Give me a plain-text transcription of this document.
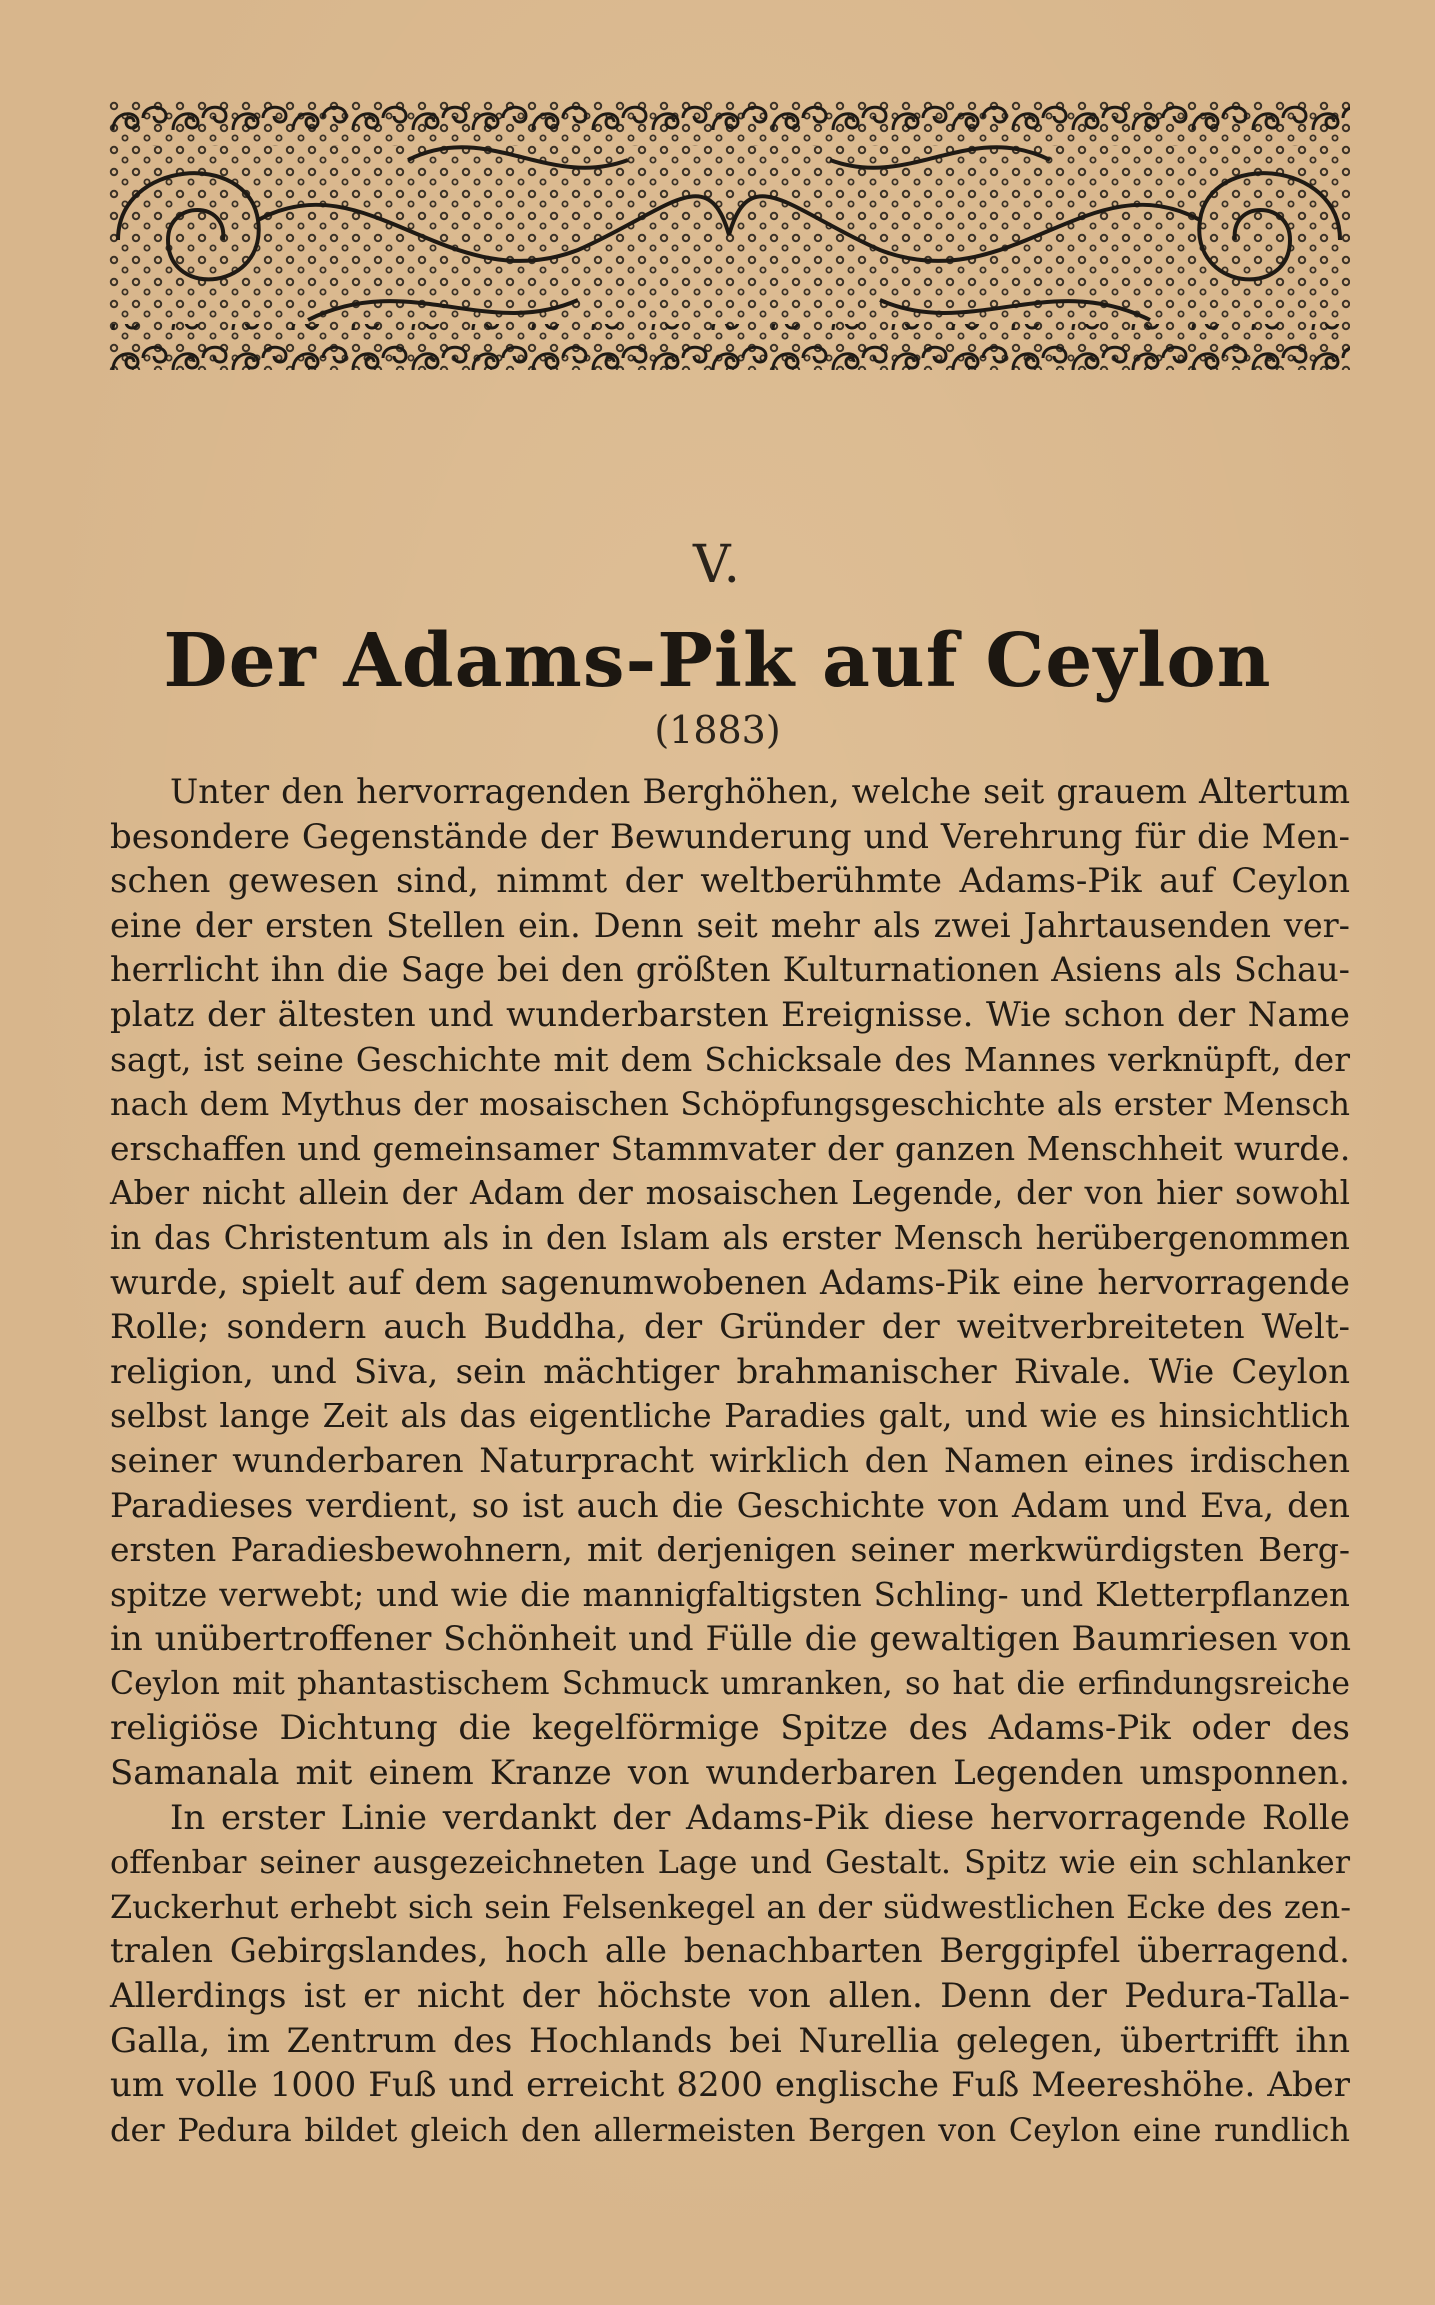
V.
Der Adams-Pik auf Ceylon
(1883)
Unter den hervorragenden Berghöhen, welche seit grauem Altertum
besondere Gegenstände der Bewunderung und Verehrung für die Men-
schen gewesen sind, nimmt der weltberühmte Adams-Pik auf Ceylon
eine der ersten Stellen ein. Denn seit mehr als zwei Jahrtausenden ver-
herrlicht ihn die Sage bei den größten Kulturnationen Asiens als Schau-
platz der ältesten und wunderbarsten Ereignisse. Wie schon der Name
sagt, ist seine Geschichte mit dem Schicksale des Mannes verknüpft, der
nach dem Mythus der mosaischen Schöpfungsgeschichte als erster Mensch
erschaffen und gemeinsamer Stammvater der ganzen Menschheit wurde.
Aber nicht allein der Adam der mosaischen Legende, der von hier sowohl
in das Christentum als in den Islam als erster Mensch herübergenommen
wurde, spielt auf dem sagenumwobenen Adams-Pik eine hervorragende
Rolle; sondern auch Buddha, der Gründer der weitverbreiteten Welt-
religion, und Siva, sein mächtiger brahmanischer Rivale. Wie Ceylon
selbst lange Zeit als das eigentliche Paradies galt, und wie es hinsichtlich
seiner wunderbaren Naturpracht wirklich den Namen eines irdischen
Paradieses verdient, so ist auch die Geschichte von Adam und Eva, den
ersten Paradiesbewohnern, mit derjenigen seiner merkwürdigsten Berg-
spitze verwebt; und wie die mannigfaltigsten Schling- und Kletterpflanzen
in unübertroffener Schönheit und Fülle die gewaltigen Baumriesen von
Ceylon mit phantastischem Schmuck umranken, so hat die erfindungsreiche
religiöse Dichtung die kegelförmige Spitze des Adams-Pik oder des
Samanala mit einem Kranze von wunderbaren Legenden umsponnen.
In erster Linie verdankt der Adams-Pik diese hervorragende Rolle
offenbar seiner ausgezeichneten Lage und Gestalt. Spitz wie ein schlanker
Zuckerhut erhebt sich sein Felsenkegel an der südwestlichen Ecke des zen-
tralen Gebirgslandes, hoch alle benachbarten Berggipfel überragend.
Allerdings ist er nicht der höchste von allen. Denn der Pedura-Talla-
Galla, im Zentrum des Hochlands bei Nurellia gelegen, übertrifft ihn
um volle 1000 Fuß und erreicht 8200 englische Fuß Meereshöhe. Aber
der Pedura bildet gleich den allermeisten Bergen von Ceylon eine rundlich
